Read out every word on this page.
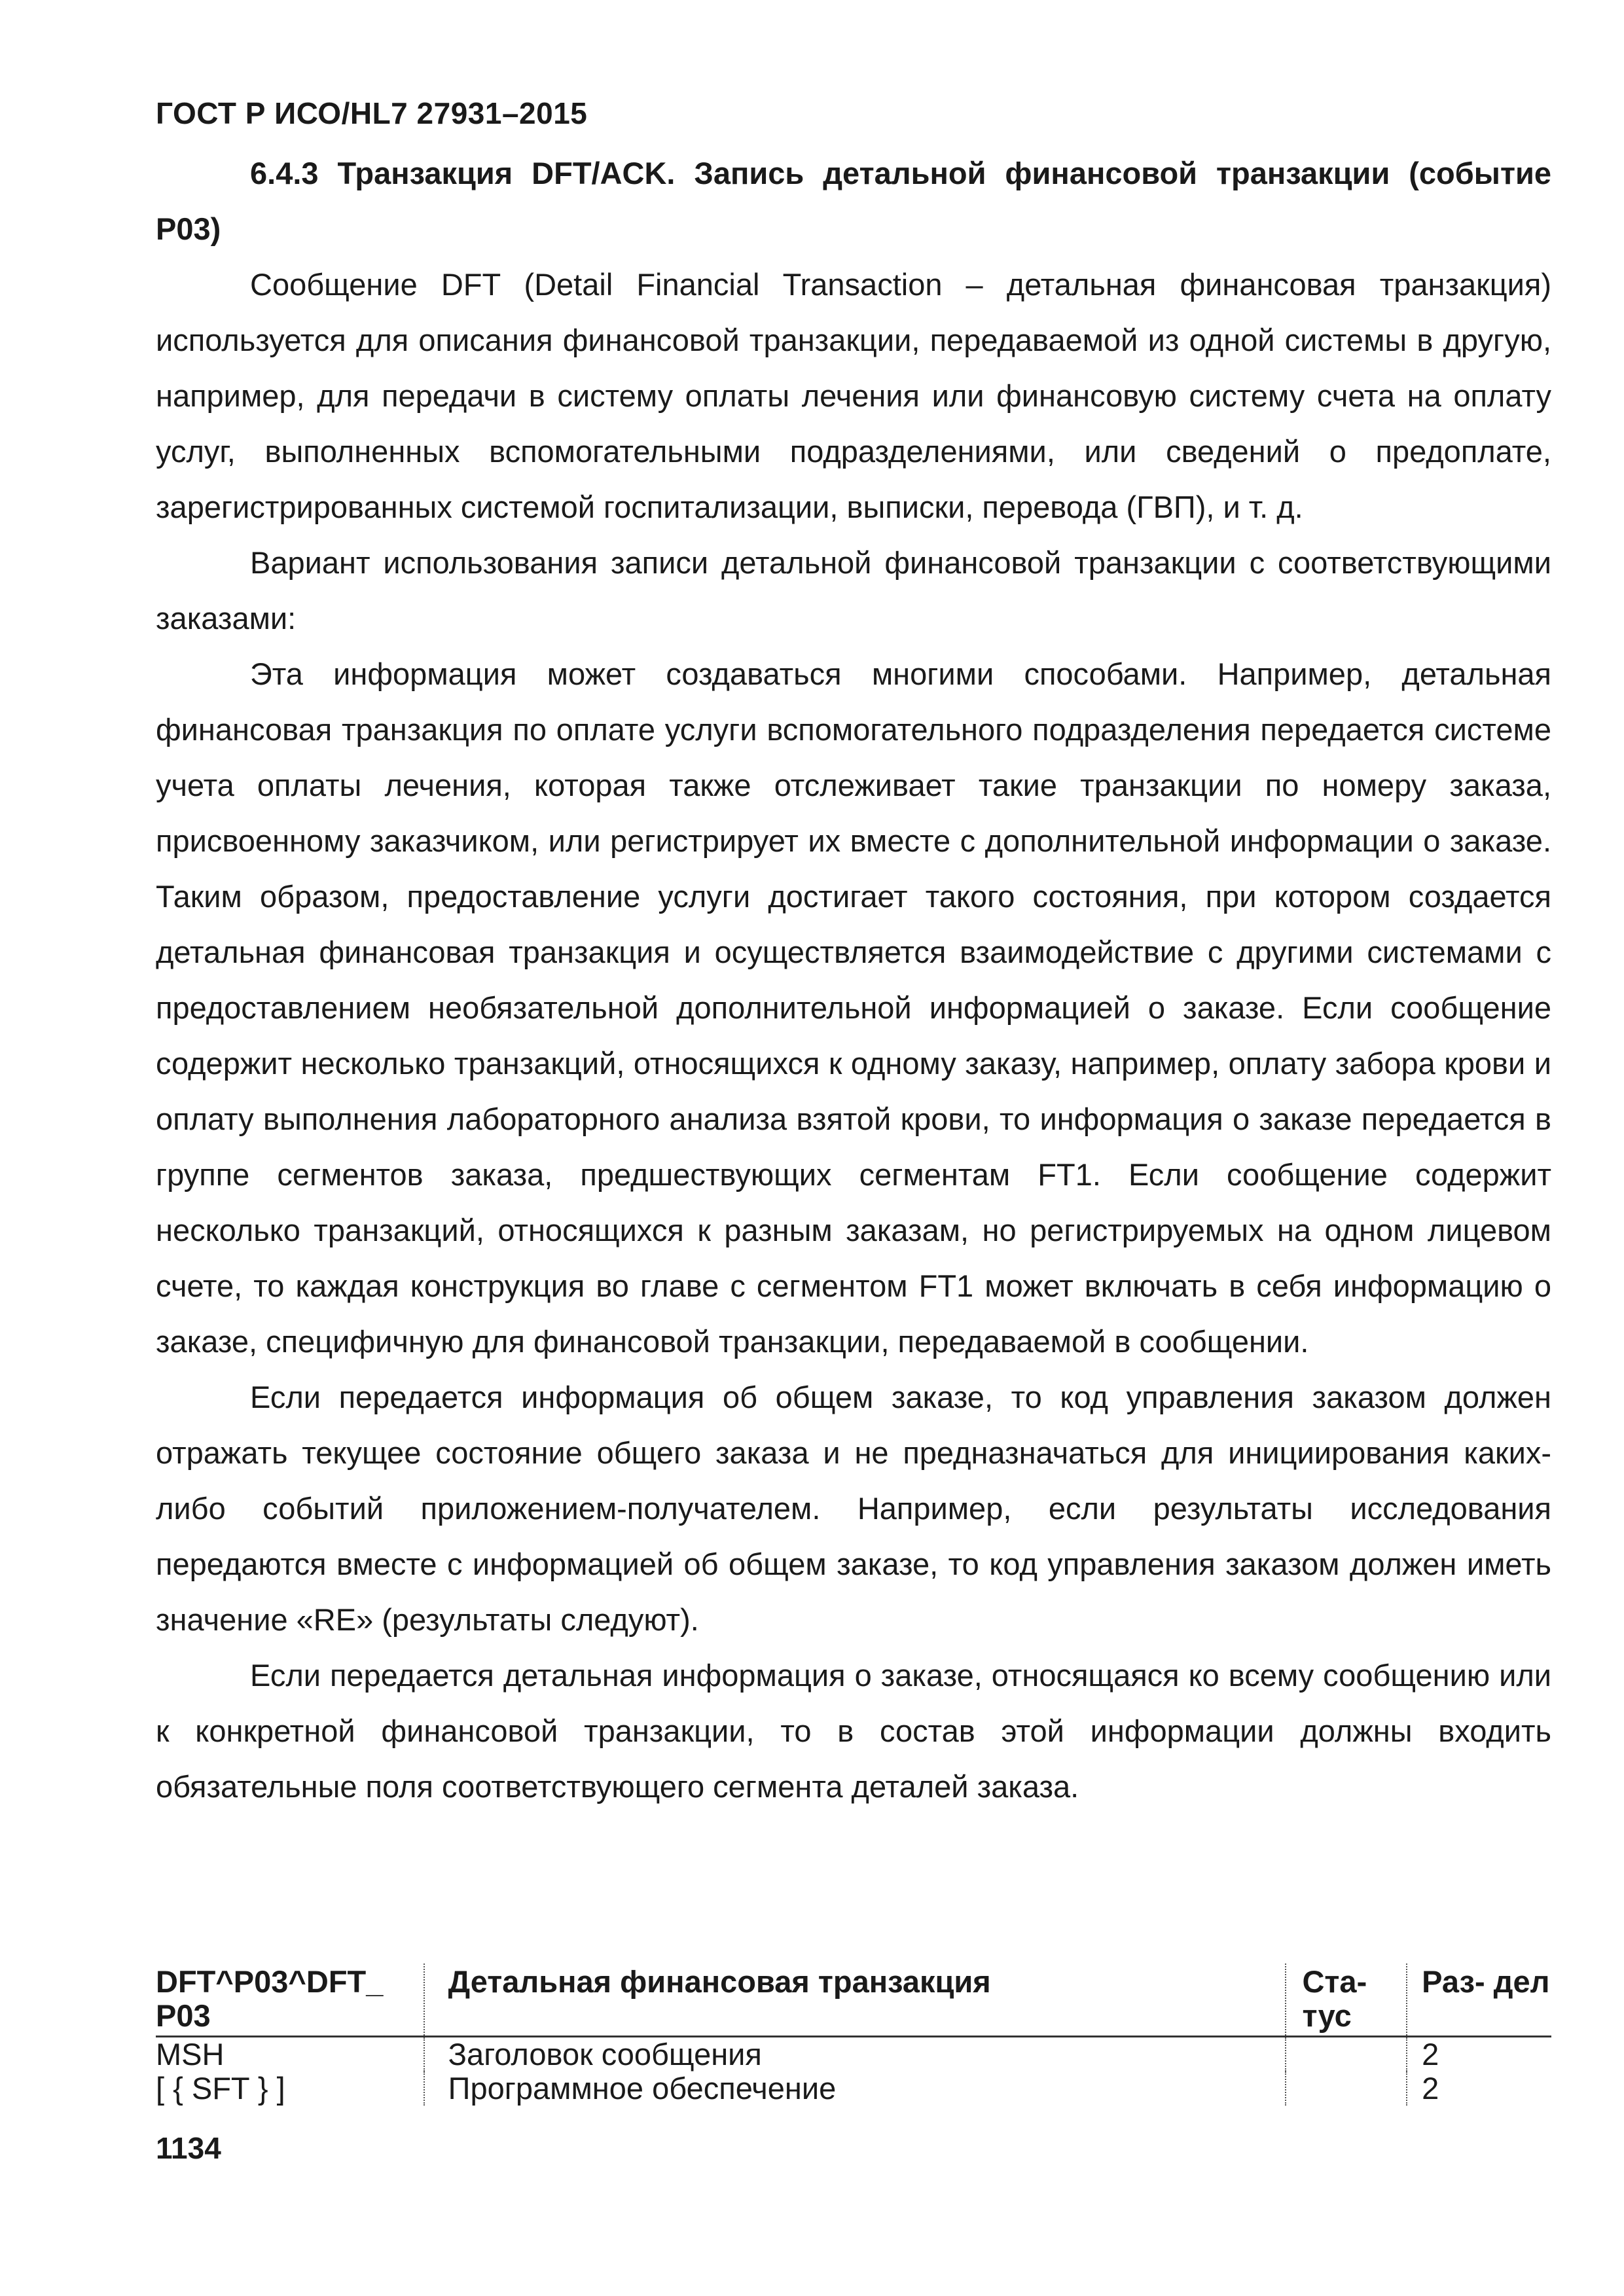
ГОСТ Р ИСО/HL7 27931–2015

6.4.3 Транзакция DFT/ACK. Запись детальной финансовой транзакции (событие P03)

Сообщение DFT (Detail Financial Transaction – детальная финансовая транзакция) используется для описания финансовой транзакции, передаваемой из одной системы в другую, например, для передачи в систему оплаты лечения или финансовую систему счета на оплату услуг, выполненных вспомогательными подразделениями, или сведений о предоплате, зарегистрированных системой госпитализации, выписки, перевода (ГВП), и т. д.

Вариант использования записи детальной финансовой транзакции с соответствующими заказами:

Эта информация может создаваться многими способами. Например, детальная финансовая транзакция по оплате услуги вспомогательного подразделения передается системе учета оплаты лечения, которая также отслеживает такие транзакции по номеру заказа, присвоенному заказчиком, или регистрирует их вместе с дополнительной информации о заказе. Таким образом, предоставление услуги достигает такого состояния, при котором создается детальная финансовая транзакция и осуществляется взаимодействие с другими системами с предоставлением необязательной дополнительной информацией о заказе. Если сообщение содержит несколько транзакций, относящихся к одному заказу, например, оплату забора крови и оплату выполнения лабораторного анализа взятой крови, то информация о заказе передается в группе сегментов заказа, предшествующих сегментам FT1. Если сообщение содержит несколько транзакций, относящихся к разным заказам, но регистрируемых на одном лицевом счете, то каждая конструкция во главе с сегментом FT1 может включать в себя информацию о заказе, специфичную для финансовой транзакции, передаваемой в сообщении.

Если передается информация об общем заказе, то код управления заказом должен отражать текущее состояние общего заказа и не предназначаться для инициирования каких-либо событий приложением-получателем. Например, если результаты исследования передаются вместе с информацией об общем заказе, то код управления заказом должен иметь значение «RE» (результаты следуют).

Если передается детальная информация о заказе, относящаяся ко всему сообщению или к конкретной финансовой транзакции, то в состав этой информации должны входить обязательные поля соответствующего сегмента деталей заказа.

DFT^P03^DFT_ P03	Детальная финансовая транзакция	Ста- тус	Раз- дел
MSH	Заголовок сообщения		2
[ { SFT } ]	Программное обеспечение		2
1134
